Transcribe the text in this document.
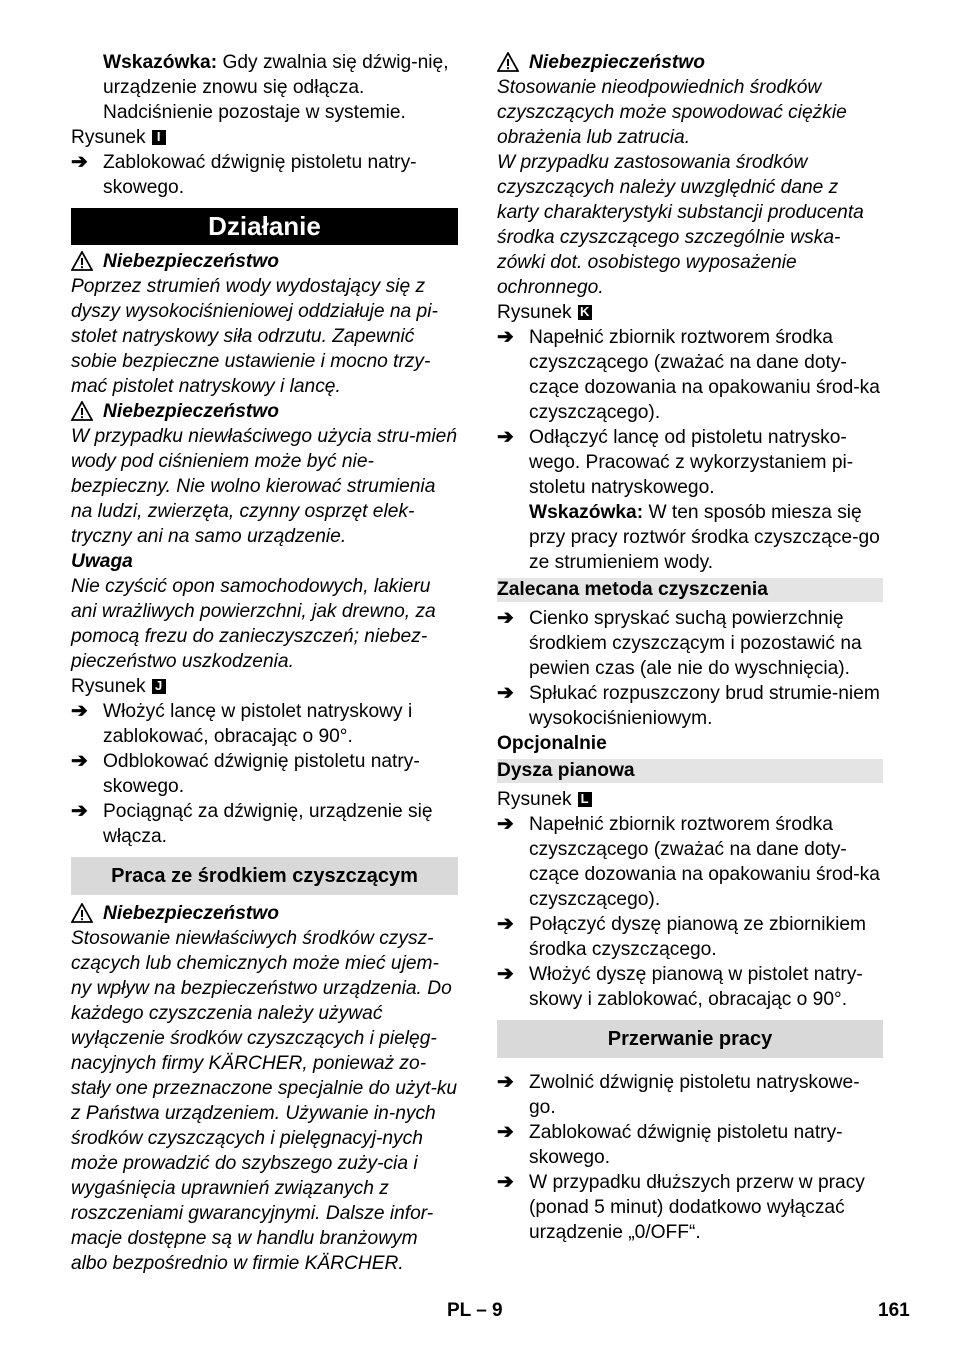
Wskazówka: Gdy zwalnia się dźwig-nię, urządzenie znowu się odłącza. Nadciśnienie pozostaje w systemie.

Rysunek I
➔ Zablokować dźwignię pistoletu natry-skowego.
Działanie
Niebezpieczeństwo

Poprzez strumień wody wydostający się z dyszy wysokociśnieniowej oddziałuje na pi-stolet natryskowy siła odrzutu. Zapewnić sobie bezpieczne ustawienie i mocno trzy-mać pistolet natryskowy i lancę.

Niebezpieczeństwo

W przypadku niewłaściwego użycia stru-mień wody pod ciśnieniem może być nie-bezpieczny. Nie wolno kierować strumienia na ludzi, zwierzęta, czynny osprzęt elek-tryczny ani na samo urządzenie.

Uwaga

Nie czyścić opon samochodowych, lakieru ani wrażliwych powierzchni, jak drewno, za pomocą frezu do zanieczyszczeń; niebez-pieczeństwo uszkodzenia.

Rysunek J
➔ Włożyć lancę w pistolet natryskowy i zablokować, obracając o 90°.
➔ Odblokować dźwignię pistoletu natry-skowego.
➔ Pociągnąć za dźwignię, urządzenie się włącza.
Praca ze środkiem czyszczącym
Niebezpieczeństwo

Stosowanie niewłaściwych środków czysz-czących lub chemicznych może mieć ujem-ny wpływ na bezpieczeństwo urządzenia. Do każdego czyszczenia należy używać wyłączenie środków czyszczących i pielęg-nacyjnych firmy KÄRCHER, ponieważ zo-stały one przeznaczone specjalnie do użyt-ku z Państwa urządzeniem. Używanie in-nych środków czyszczących i pielęgnacyj-nych może prowadzić do szybszego zuży-cia i wygaśnięcia uprawnień związanych z roszczeniami gwarancyjnymi. Dalsze infor-macje dostępne są w handlu branżowym albo bezpośrednio w firmie KÄRCHER.

Niebezpieczeństwo

Stosowanie nieodpowiednich środków czyszczących może spowodować ciężkie obrażenia lub zatrucia.

W przypadku zastosowania środków czyszczących należy uwzględnić dane z karty charakterystyki substancji producenta środka czyszczącego szczególnie wska-zówki dot. osobistego wyposażenie ochronnego.

Rysunek K
➔ Napełnić zbiornik roztworem środka czyszczącego (zważać na dane doty-czące dozowania na opakowaniu środ-ka czyszczącego).
➔ Odłączyć lancę od pistoletu natrysko-wego. Pracować z wykorzystaniem pi-stoletu natryskowego.
Wskazówka: W ten sposób miesza się przy pracy roztwór środka czyszczące-go ze strumieniem wody.
Zalecana metoda czyszczenia
➔ Cienko spryskać suchą powierzchnię środkiem czyszczącym i pozostawić na pewien czas (ale nie do wyschnięcia).
➔ Spłukać rozpuszczony brud strumie-niem wysokociśnieniowym.

Opcjonalnie

Dysza pianowa
Rysunek L
➔ Napełnić zbiornik roztworem środka czyszczącego (zważać na dane doty-czące dozowania na opakowaniu środ-ka czyszczącego).
➔ Połączyć dyszę pianową ze zbiornikiem środka czyszczącego.
➔ Włożyć dyszę pianową w pistolet natry-skowy i zablokować, obracając o 90°.
Przerwanie pracy
➔ Zwolnić dźwignię pistoletu natryskowe-go.
➔ Zablokować dźwignię pistoletu natry-skowego.
➔ W przypadku dłuższych przerw w pracy (ponad 5 minut) dodatkowo wyłączać urządzenie „0/OFF“.
PL – 9	161
